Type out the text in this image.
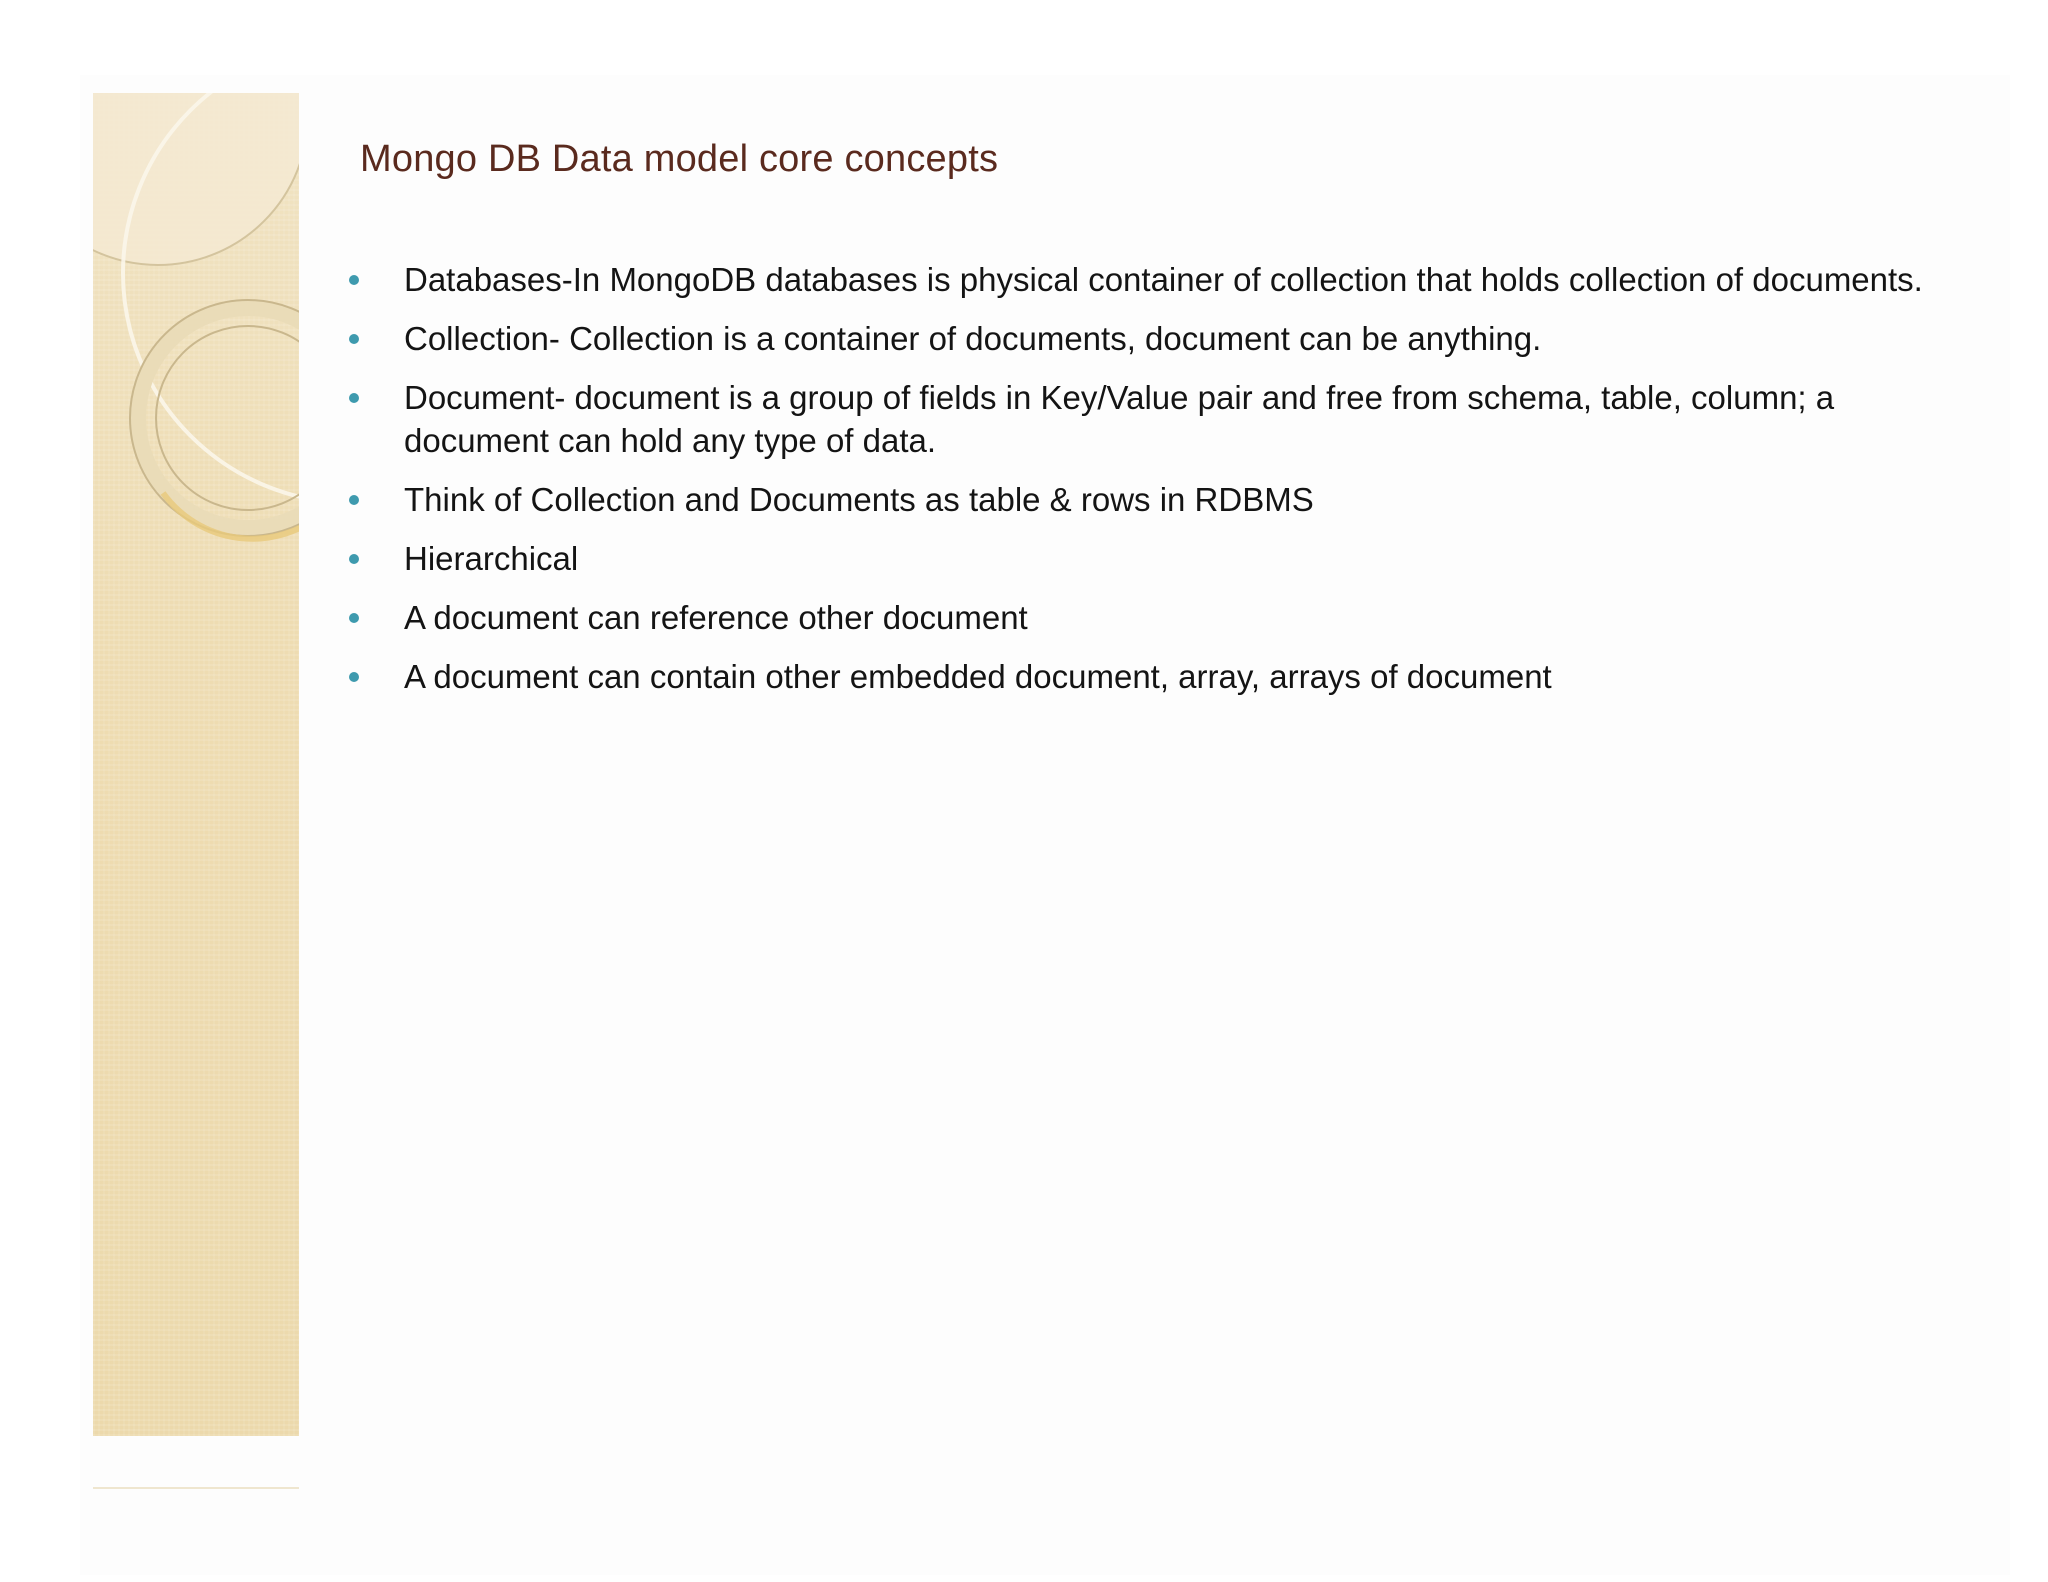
Mongo DB Data model core concepts
Databases-In MongoDB databases is physical container of collection that holds collection of documents.
Collection- Collection is a container of documents, document can be anything.
Document- document is a group of fields in Key/Value pair and free from schema, table, column; a document can hold any type of data.
Think of Collection and Documents as table & rows in RDBMS
Hierarchical
A document can reference other document
A document can contain other embedded document, array, arrays of document
